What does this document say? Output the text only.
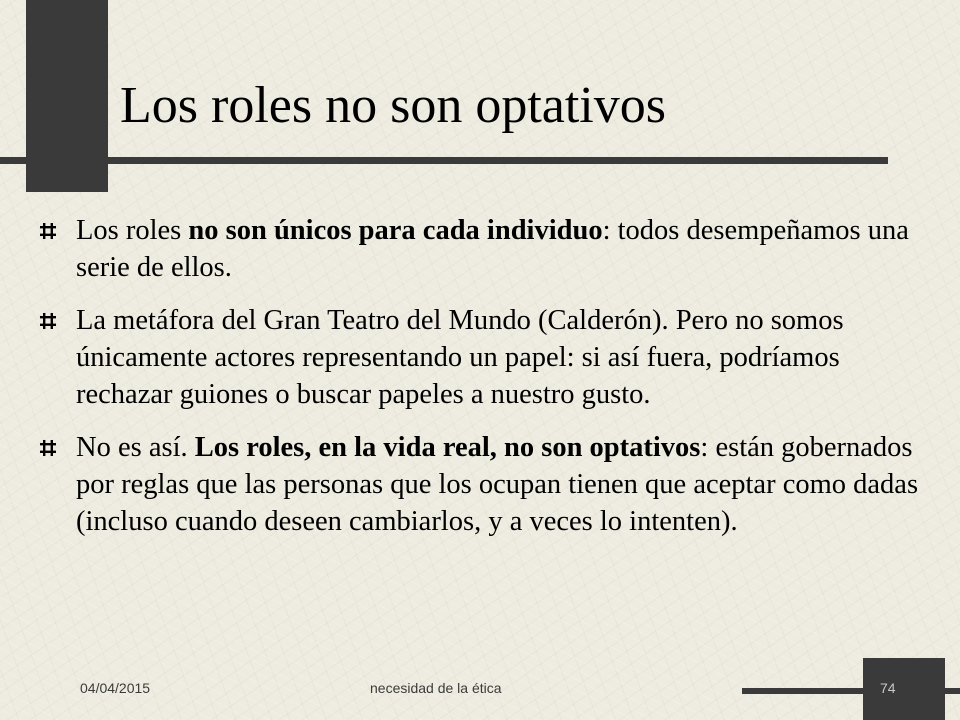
Los roles no son optativos
Los roles no son únicos para cada individuo: todos desempeñamos una serie de ellos.
La metáfora del Gran Teatro del Mundo (Calderón). Pero no somos únicamente actores representando un papel: si así fuera, podríamos rechazar guiones o buscar papeles a nuestro gusto.
No es así. Los roles, en la vida real, no son optativos: están gobernados por reglas que las personas que los ocupan tienen que aceptar como dadas (incluso cuando deseen cambiarlos, y a veces lo intenten).
04/04/2015	necesidad de la ética	74
